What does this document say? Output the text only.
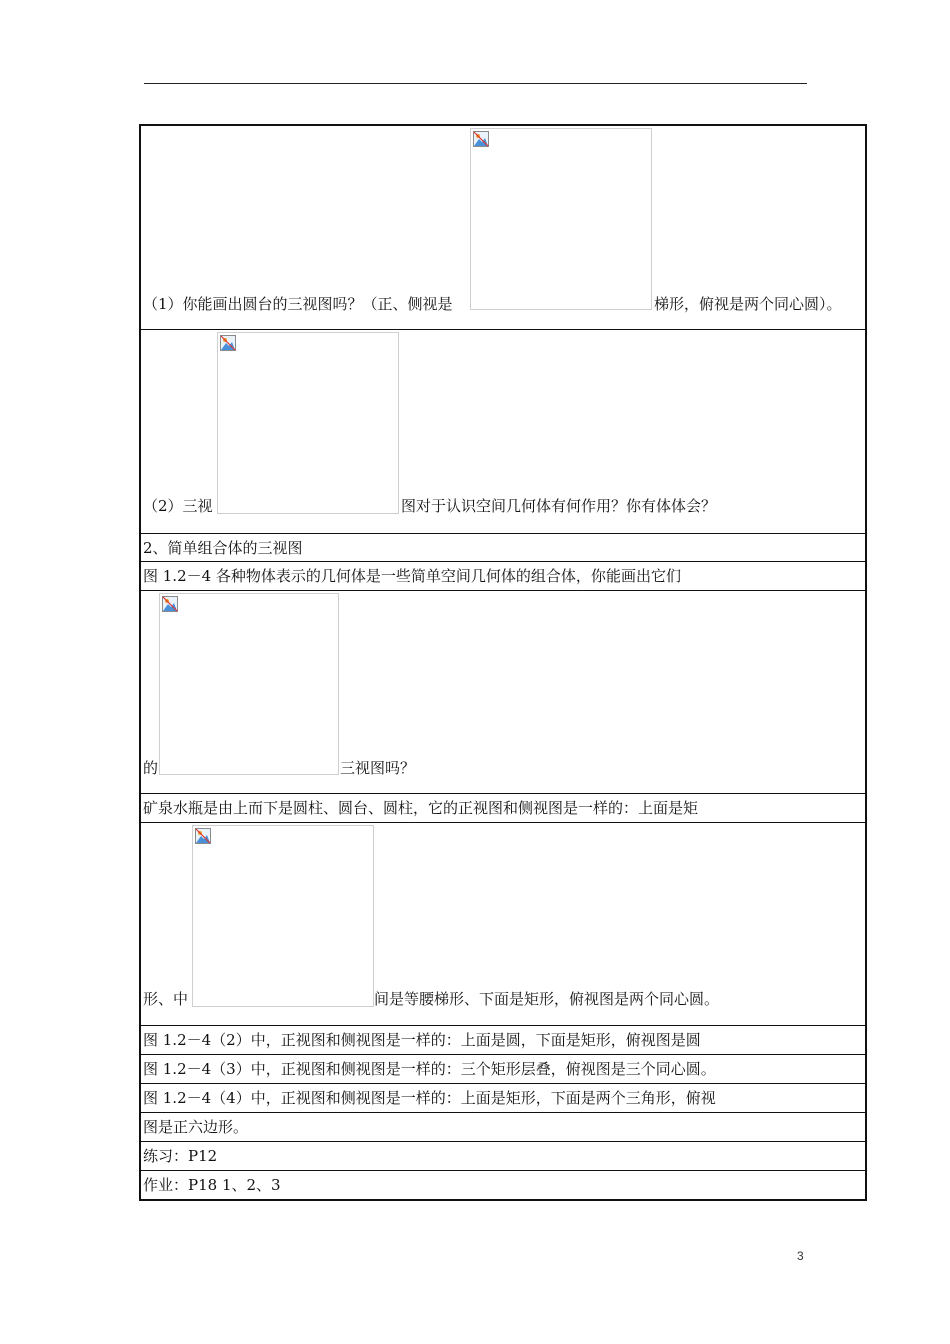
（1）你能画出圆台的三视图吗？（正、侧视是	梯形，俯视是两个同心圆）。
（2）三视	图对于认识空间几何体有何作用？你有体体会？
2、简单组合体的三视图
图 1.2－4 各种物体表示的几何体是一些简单空间几何体的组合体，你能画出它们
的	三视图吗？
矿泉水瓶是由上而下是圆柱、圆台、圆柱，它的正视图和侧视图是一样的：上面是矩
形、中	间是等腰梯形、下面是矩形，俯视图是两个同心圆。
图 1.2－4（2）中，正视图和侧视图是一样的：上面是圆，下面是矩形，俯视图是圆
图 1.2－4（3）中，正视图和侧视图是一样的：三个矩形层叠，俯视图是三个同心圆。
图 1.2－4（4）中，正视图和侧视图是一样的：上面是矩形，下面是两个三角形，俯视
图是正六边形。
练习：P12
作业：P18 1、2、3
3
